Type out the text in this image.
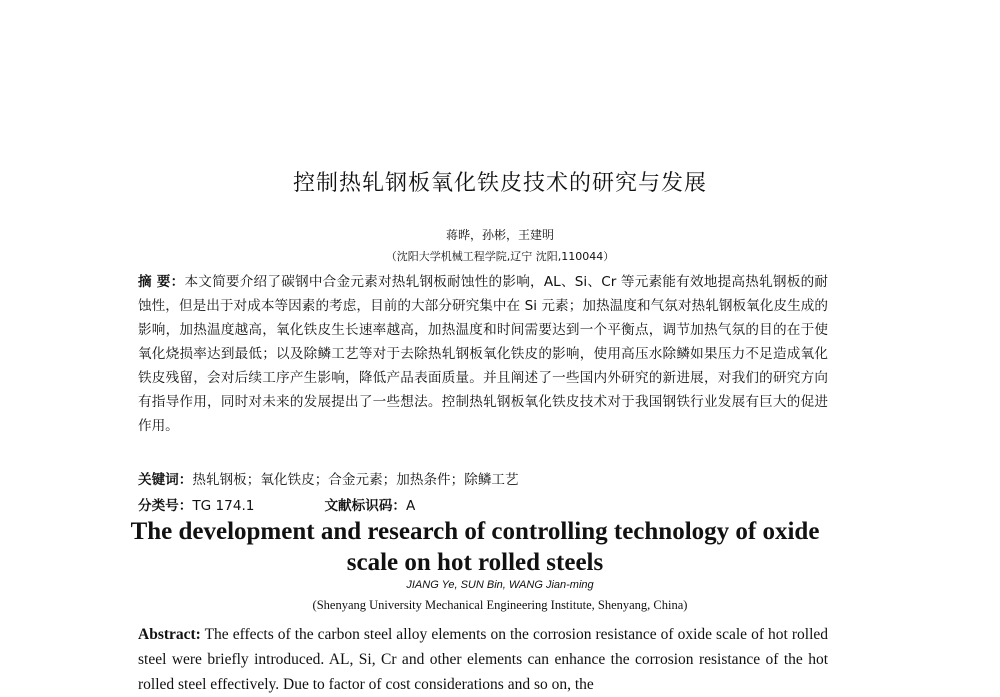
控制热轧钢板氧化铁皮技术的研究与发展
蒋晔，孙彬，王建明
（沈阳大学机械工程学院,辽宁 沈阳,110044）

摘 要：本文简要介绍了碳钢中合金元素对热轧钢板耐蚀性的影响，AL、Si、Cr 等元素能有效地提高热轧钢板的耐蚀性，但是出于对成本等因素的考虑，目前的大部分研究集中在 Si 元素；加热温度和气氛对热轧钢板氧化皮生成的影响，加热温度越高，氧化铁皮生长速率越高，加热温度和时间需要达到一个平衡点，调节加热气氛的目的在于使氧化烧损率达到最低；以及除鳞工艺等对于去除热轧钢板氧化铁皮的影响，使用高压水除鳞如果压力不足造成氧化铁皮残留，会对后续工序产生影响，降低产品表面质量。并且阐述了一些国内外研究的新进展，对我们的研究方向有指导作用，同时对未来的发展提出了一些想法。控制热轧钢板氧化铁皮技术对于我国钢铁行业发展有巨大的促进作用。

关键词：热轧钢板；氧化铁皮；合金元素；加热条件；除鳞工艺
分类号：TG 174.1	文献标识码：A
The development and research of controlling technology of oxide scale on hot rolled steels
JIANG Ye, SUN Bin, WANG Jian-ming
(Shenyang University Mechanical Engineering Institute, Shenyang, China)

Abstract: The effects of the carbon steel alloy elements on the corrosion resistance of oxide scale of hot rolled steel were briefly introduced. AL, Si, Cr and other elements can enhance the corrosion resistance of the hot rolled steel effectively. Due to factor of cost considerations and so on, the
